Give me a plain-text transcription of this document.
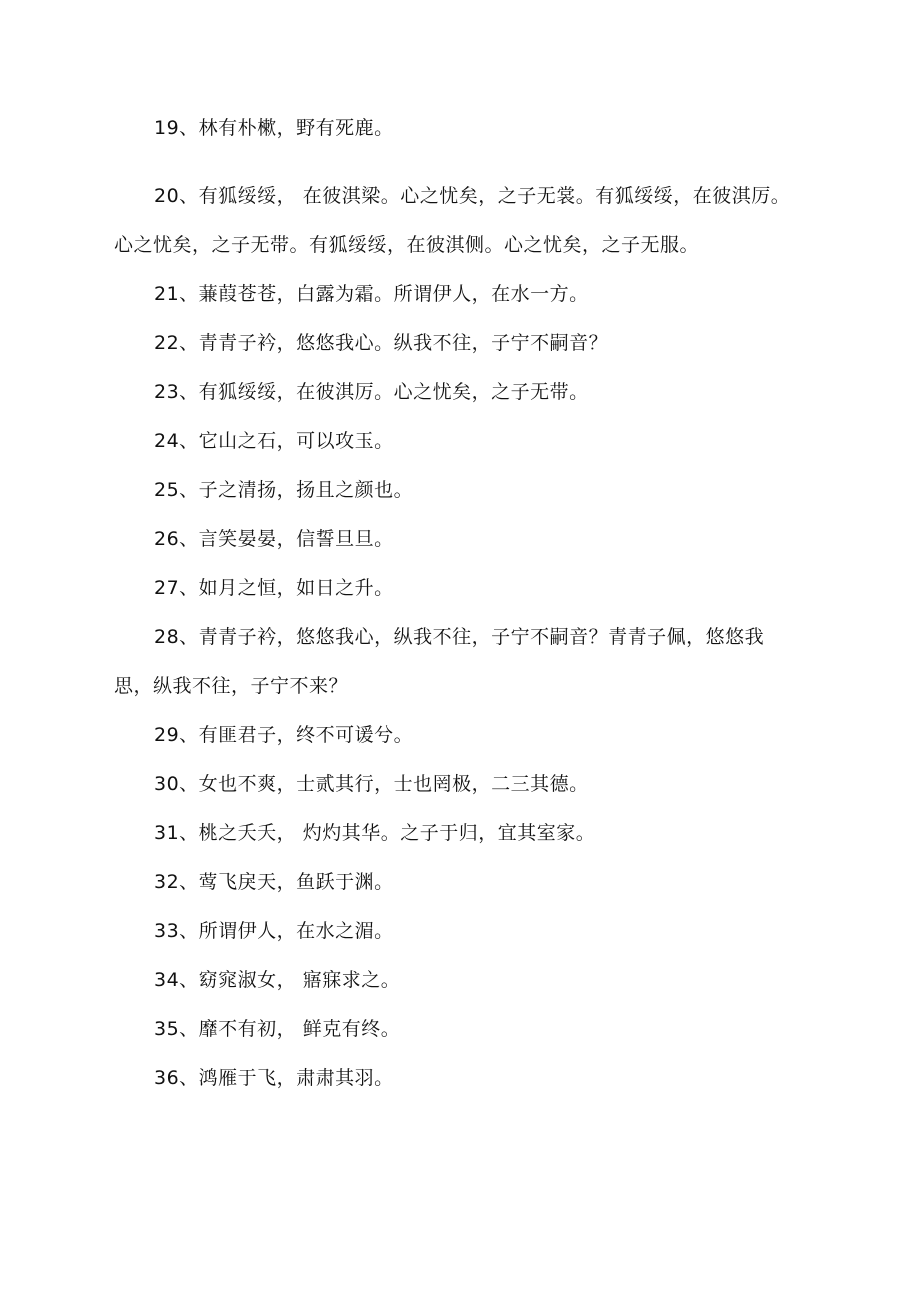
19、林有朴樕，野有死鹿。
20、有狐绥绥， 在彼淇梁。心之忧矣，之子无裳。有狐绥绥，在彼淇厉。
心之忧矣，之子无带。有狐绥绥，在彼淇侧。心之忧矣，之子无服。
21、蒹葭苍苍，白露为霜。所谓伊人，在水一方。
22、青青子衿，悠悠我心。纵我不往，子宁不嗣音？
23、有狐绥绥，在彼淇厉。心之忧矣，之子无带。
24、它山之石，可以攻玉。
25、子之清扬，扬且之颜也。
26、言笑晏晏，信誓旦旦。
27、如月之恒，如日之升。
28、青青子衿，悠悠我心，纵我不往，子宁不嗣音？青青子佩，悠悠我
思，纵我不往，子宁不来？
29、有匪君子，终不可谖兮。
30、女也不爽，士贰其行，士也罔极，二三其德。
31、桃之夭夭， 灼灼其华。之子于归，宜其室家。
32、莺飞戾天，鱼跃于渊。
33、所谓伊人，在水之湄。
34、窈窕淑女， 寤寐求之。
35、靡不有初， 鲜克有终。
36、鸿雁于飞，肃肃其羽。
